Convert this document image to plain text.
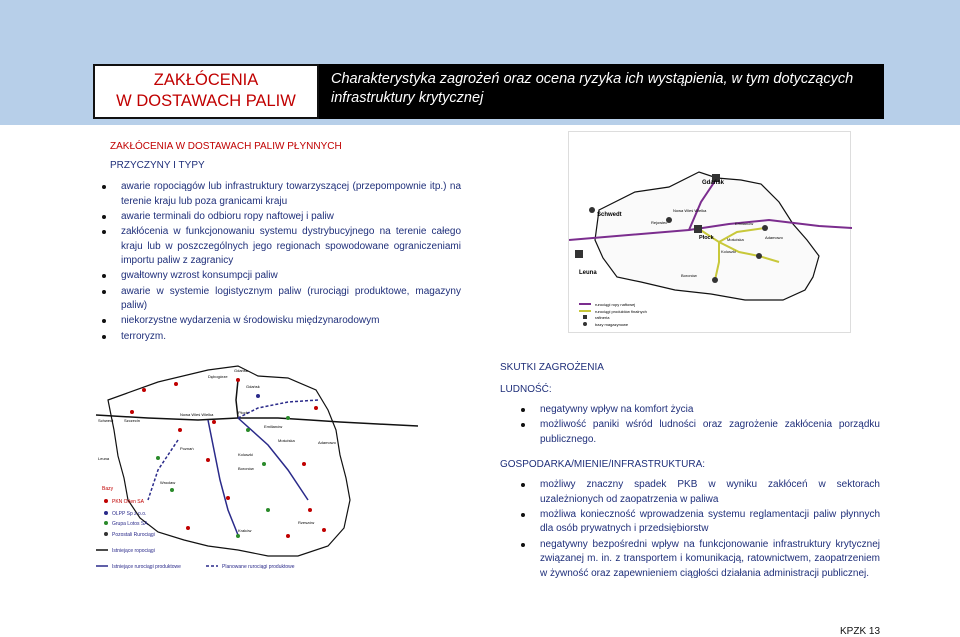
ZAKŁÓCENIA
W DOSTAWACH PALIW
Charakterystyka zagrożeń oraz ocena ryzyka ich wystąpienia, w tym dotyczących infrastruktury krytycznej
ZAKŁÓCENIA W DOSTAWACH PALIW PŁYNNYCH
PRZYCZYNY I TYPY
awarie ropociągów lub infrastruktury towarzyszącej (przepompownie itp.) na terenie kraju lub poza granicami kraju
awarie terminali do odbioru ropy naftowej i paliw
zakłócenia w funkcjonowaniu systemu dystrybucyjnego na terenie całego kraju lub w poszczególnych jego regionach spowodowane ograniczeniami importu paliw z zagranicy
gwałtowny wzrost konsumpcji paliw
awarie w systemie logistycznym paliw (rurociągi produktowe, magazyny paliw)
niekorzystne wydarzenia w środowisku międzynarodowym
terroryzm.
Gdańsk
Schwedt
Nowa Wieś Wielka
Rejowiec
Płock
Emilianów
Mościska	Adamowo
Koluszki
Boronów
Leuna
rurociągi ropy naftowej
rurociągi produktów finalnych
rafineria
bazy magazynowe
Gdańsk
Dębogórze
Gdańsk
Szczecin
Nowa Wieś Wielka	Płock
Koluszki
Boronów
Emilianów
Mościska	Adamowo
Schwedt
Leuna
Poznań
Wrocław
Kraków
Rzeszów
Bazy
PKN Orlen SA
OLPP Sp z o.o.
Grupa Lotos SA
Pozostali Rurociągi
Istniejące ropociągi
Istniejące rurociągi produktowe	Planowane rurociągi produktowe
SKUTKI ZAGROŻENIA
LUDNOŚĆ:
negatywny wpływ na komfort życia
możliwość paniki wśród ludności oraz zagrożenie zakłócenia porządku publicznego.
GOSPODARKA/MIENIE/INFRASTRUKTURA:
możliwy znaczny spadek PKB w wyniku zakłóceń w sektorach uzależnionych od zaopatrzenia w paliwa
możliwa konieczność wprowadzenia systemu reglamentacji paliw płynnych dla osób prywatnych i przedsiębiorstw
negatywny bezpośredni wpływ na funkcjonowanie infrastruktury krytycznej związanej m. in. z transportem i komunikacją, ratownictwem, zaopatrzeniem w żywność oraz zapewnieniem ciągłości działania administracji publicznej.
KPZK 13
